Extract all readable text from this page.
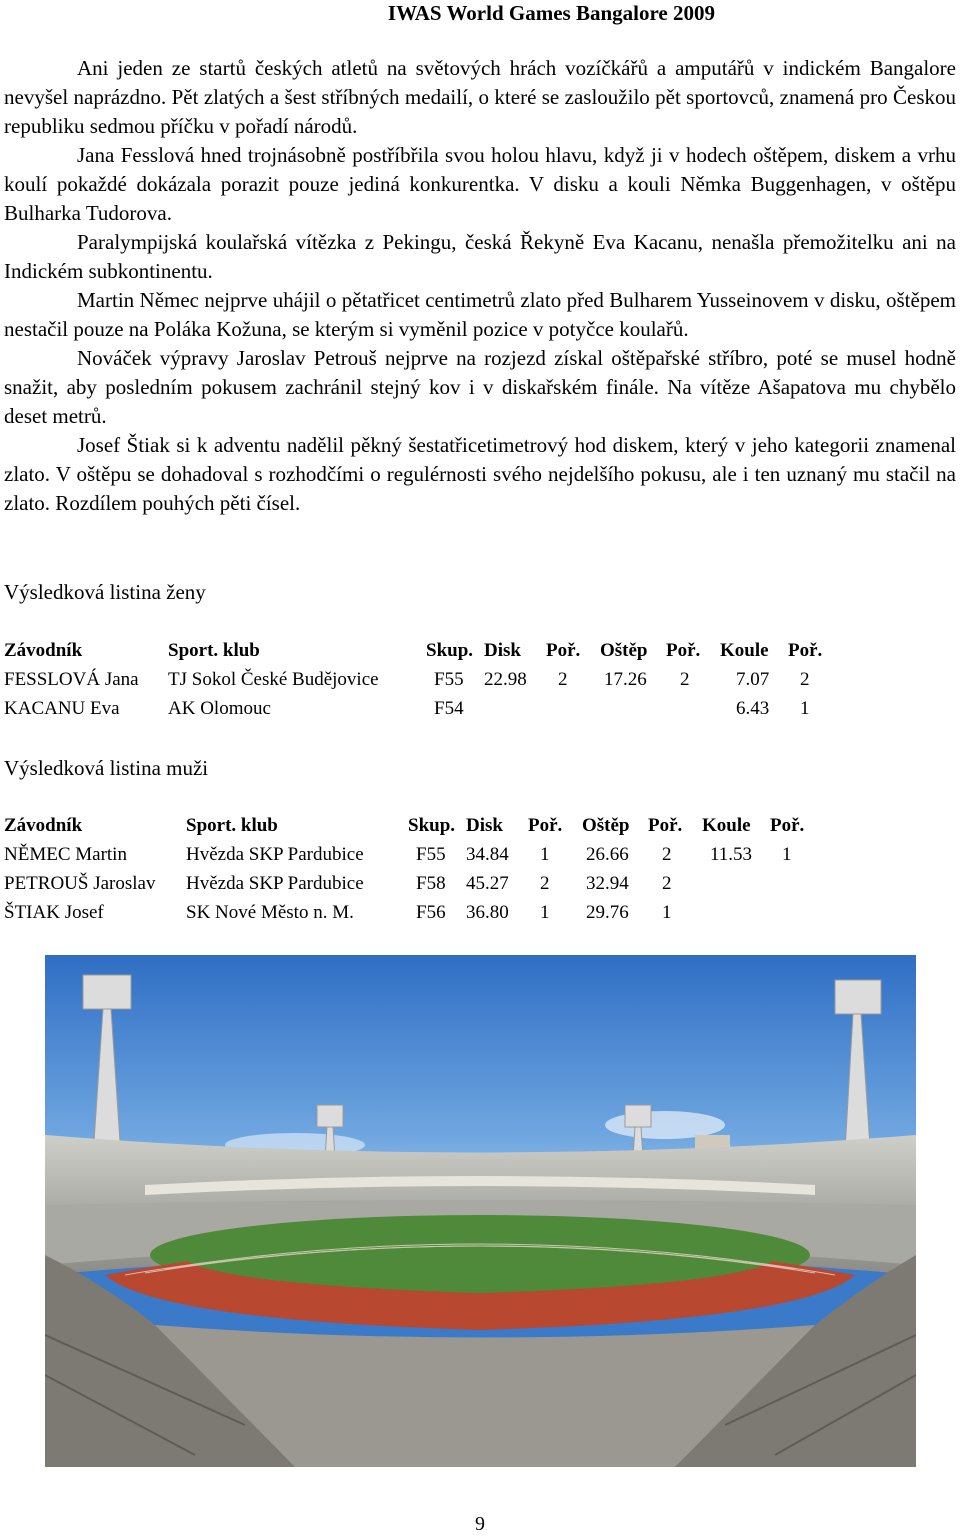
IWAS World Games Bangalore 2009

Ani jeden ze startů českých atletů na světových hrách vozíčkářů a amputářů v indickém Bangalore nevyšel naprázdno. Pět zlatých a šest stříbných medailí, o které se zasloužilo pět sportovců, znamená pro Českou republiku sedmou příčku v pořadí národů.

Jana Fesslová hned trojnásobně postříbřila svou holou hlavu, když ji v hodech oštěpem, diskem a vrhu koulí pokaždé dokázala porazit pouze jediná konkurentka. V disku a kouli Němka Buggenhagen, v oštěpu Bulharka Tudorova.

Paralympijská koulařská vítězka z Pekingu, česká Řekyně Eva Kacanu, nenašla přemožitelku ani na Indickém subkontinentu.

Martin Němec nejprve uhájil o pětatřicet centimetrů zlato před Bulharem Yusseinovem v disku, oštěpem nestačil pouze na Poláka Kožuna, se kterým si vyměnil pozice v potyčce koulařů.

Nováček výpravy Jaroslav Petrouš nejprve na rozjezd získal oštěpařské stříbro, poté se musel hodně snažit, aby posledním pokusem zachránil stejný kov i v diskařském finále. Na vítěze Ašapatova mu chybělo deset metrů.

Josef Štiak si k adventu nadělil pěkný šestatřicetimetrový hod diskem, který v jeho kategorii znamenal zlato. V oštěpu se dohadoval s rozhodčími o regulérnosti svého nejdelšího pokusu, ale i ten uznaný mu stačil na zlato. Rozdílem pouhých pěti čísel.

Výsledková listina ženy
Závodník	Sport. klub	Skup.	Disk	Poř.	Oštěp	Poř.	Koule	Poř.
FESSLOVÁ Jana	TJ Sokol České Budějovice	F55	22.98	2	17.26	2	7.07	2
KACANU Eva	AK Olomouc	F54					6.43	1
Výsledková listina muži
Závodník	Sport. klub	Skup.	Disk	Poř.	Oštěp	Poř.	Koule	Poř.
NĚMEC Martin	Hvězda SKP Pardubice	F55	34.84	1	26.66	2	11.53	1
PETROUŠ Jaroslav	Hvězda SKP Pardubice	F58	45.27	2	32.94	2		
ŠTIAK Josef	SK Nové Město n. M.	F56	36.80	1	29.76	1		
9
